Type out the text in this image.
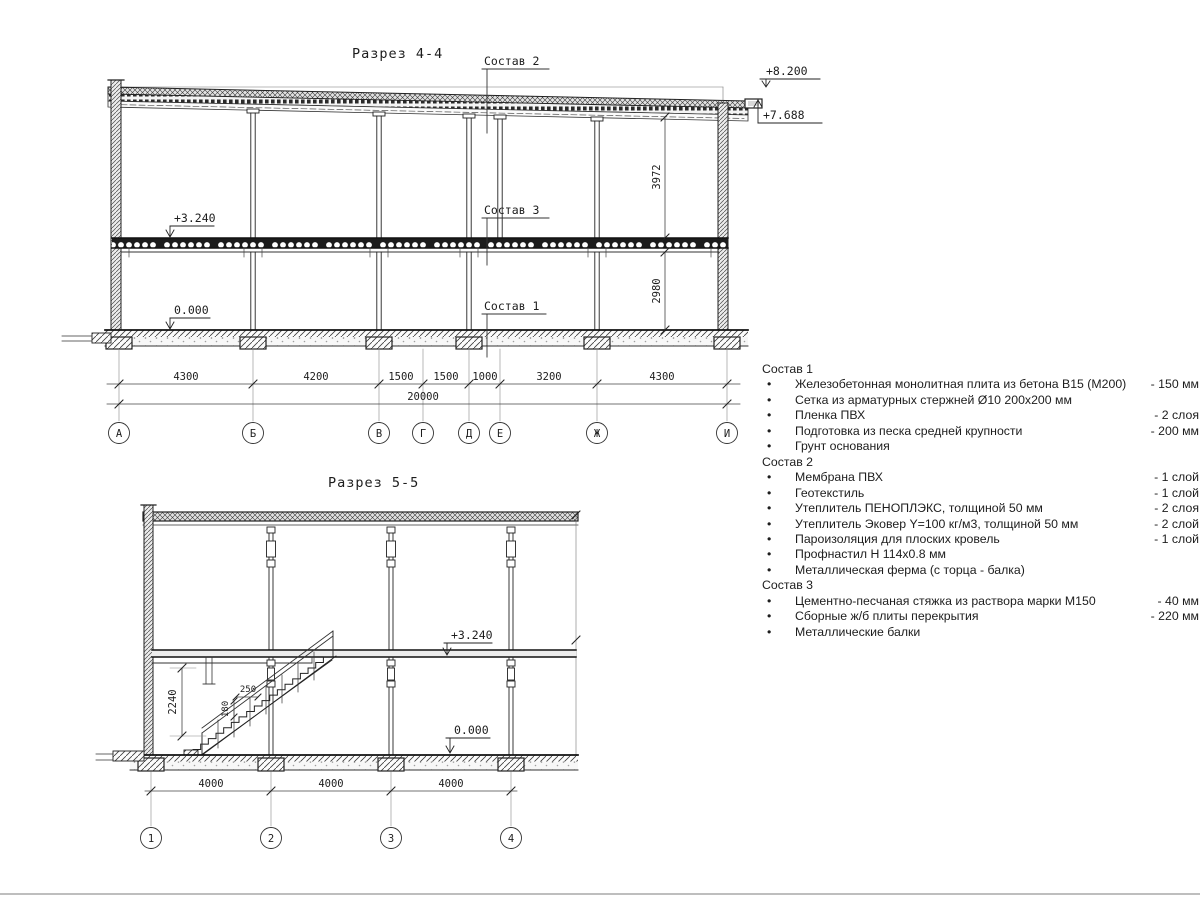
Разрез 4-4
3972
2980
+3.240
0.000
+8.200
+7.688
Состав 2
Состав 3
Состав 1
4300	4200	1500 1500 1000	3200	4300
20000
А	Б	В	Г	Д Е	Ж	И
Разрез 5-5
2240	250
180
+3.240
0.000
4000	4000	4000
1	2	3	4
Состав 1
• Железобетонная монолитная плита из бетона В15 (М200)	- 150 мм
• Сетка из арматурных стержней Ø10 200х200 мм
• Пленка ПВХ	- 2 слоя
• Подготовка из песка средней крупности	- 200 мм
• Грунт основания
Состав 2
• Мембрана ПВХ	- 1 слой
• Геотекстиль	- 1 слой
• Утеплитель ПЕНОПЛЭКС, толщиной 50 мм	- 2 слоя
• Утеплитель Эковер Y=100 кг/м3, толщиной 50 мм	- 2 слой
• Пароизоляция для плоских кровель	- 1 слой
• Профнастил Н 114х0.8 мм
• Металлическая ферма (с торца - балка)
Состав 3
• Цементно-песчаная стяжка из раствора марки М150	- 40 мм
• Сборные ж/б плиты перекрытия	- 220 мм
• Металлические балки
